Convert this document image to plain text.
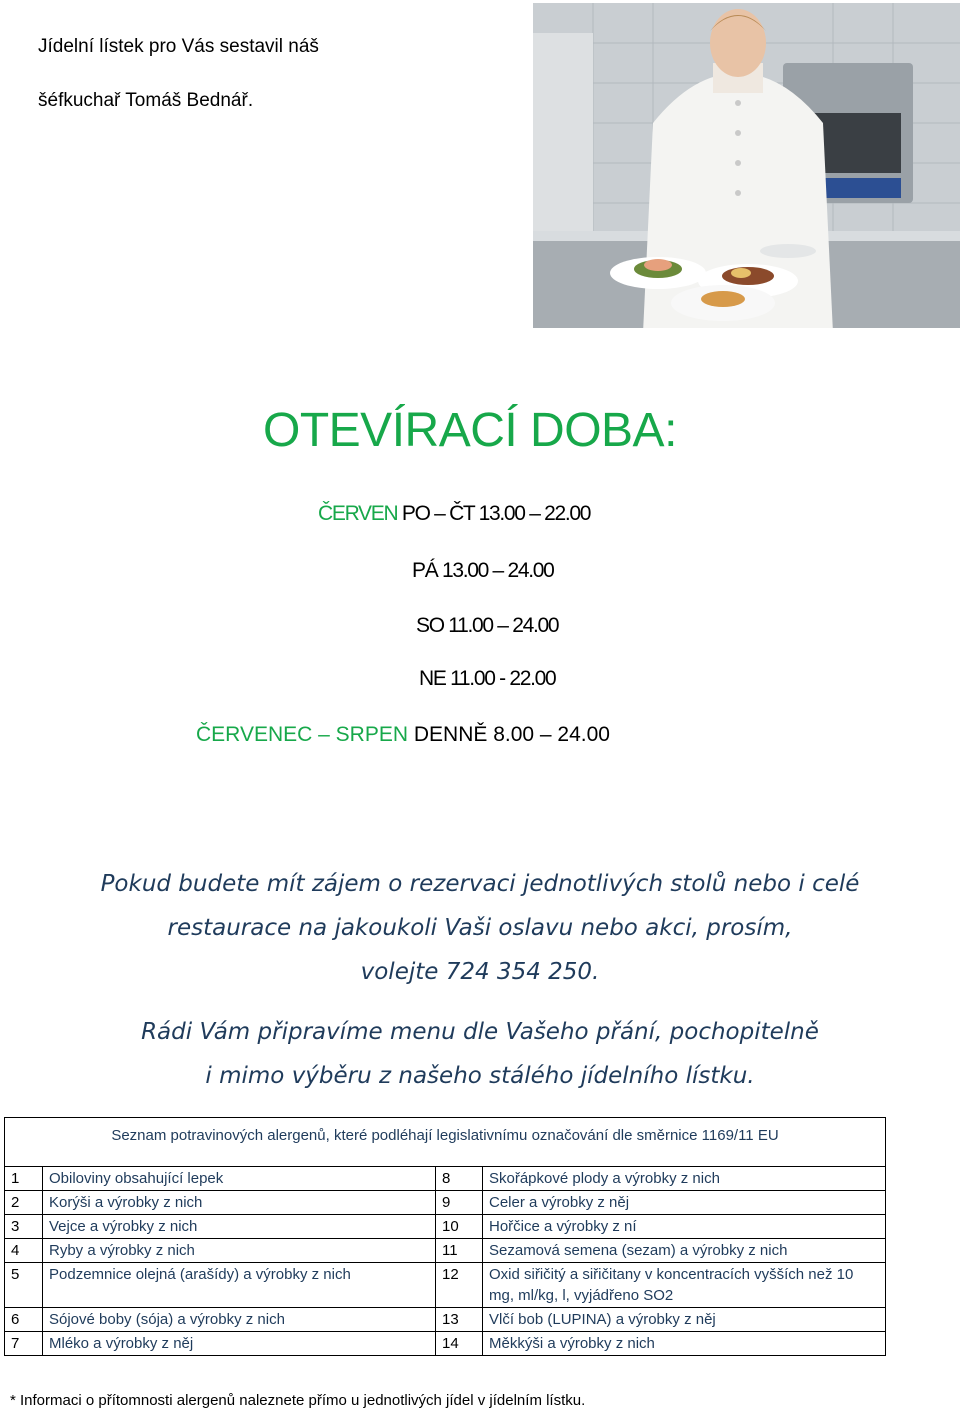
Jídelní lístek pro Vás sestavil náš
šéfkuchař Tomáš Bednář.
OTEVÍRACÍ DOBA:
ČERVEN PO – ČT 13.00 – 22.00
PÁ 13.00 – 24.00
SO 11.00 – 24.00
NE 11.00 - 22.00
ČERVENEC – SRPEN DENNĚ 8.00 – 24.00
Pokud budete mít zájem o rezervaci jednotlivých stolů nebo i celé
restaurace na jakoukoli Vaši oslavu nebo akci, prosím,
volejte 724 354 250.
Rádi Vám připravíme menu dle Vašeho přání, pochopitelně
i mimo výběru z našeho stálého jídelního lístku.
Seznam potravinových alergenů, které podléhají legislativnímu označování dle směrnice 1169/11 EU
1	Obiloviny obsahující lepek	8	Skořápkové plody a výrobky z nich
2	Korýši a výrobky z nich	9	Celer a výrobky z něj
3	Vejce a výrobky z nich	10	Hořčice a výrobky z ní
4	Ryby a výrobky z nich	11	Sezamová semena (sezam) a výrobky z nich
5	Podzemnice olejná (arašídy) a výrobky z nich	12	Oxid siřičitý a siřičitany v koncentracích vyšších než 10 mg, ml/kg, l, vyjádřeno SO2
6	Sójové boby (sója) a výrobky z nich	13	Vlčí bob (LUPINA) a výrobky z něj
7	Mléko a výrobky z něj	14	Měkkýši a výrobky z nich
* Informaci o přítomnosti alergenů naleznete přímo u jednotlivých jídel v jídelním lístku.
